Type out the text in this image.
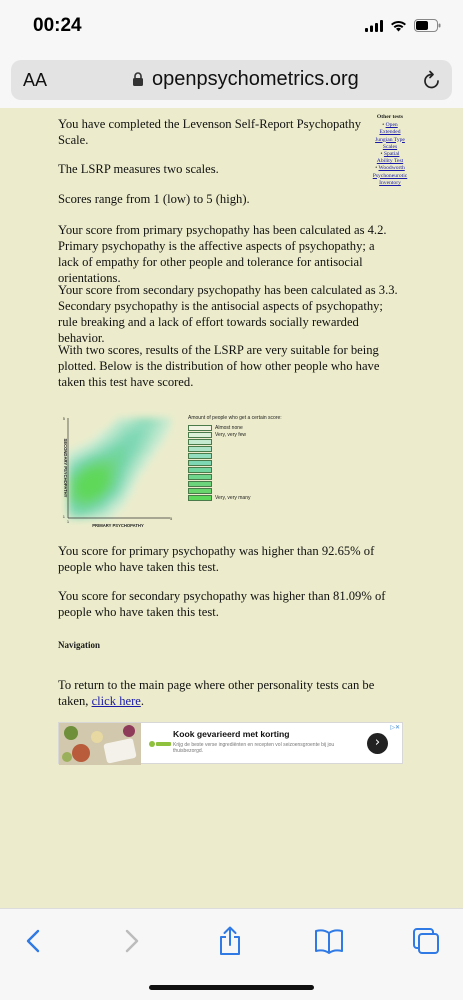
00:24
AA	openpsychometrics.org
Other tests
• Open
Extended
Jungian Type
Scales
• Spatial
Ability Test
• Woodworth
Psychoneurotic
Inventory
You have completed the Levenson Self-Report Psychopathy Scale.
The LSRP measures two scales.
Scores range from 1 (low) to 5 (high).
Your score from primary psychopathy has been calculated as 4.2. Primary psychopathy is the affective aspects of psychopathy; a lack of empathy for other people and tolerance for antisocial orientations.
Your score from secondary psychopathy has been calculated as 3.3. Secondary psychopathy is the antisocial aspects of psychopathy; rule breaking and a lack of effort towards socially rewarded behavior.
With two scores, results of the LSRP are very suitable for being plotted. Below is the distribution of how other people who have taken this test have scored.
5
1
1
5
PRIMARY PSYCHOPATHY
SECONDARY PSYCHOPATHY
Amount of people who get a certain score:
Almost none
Very, very few
Very, very many
You score for primary psychopathy was higher than 92.65% of people who have taken this test.
You score for secondary psychopathy was higher than 81.09% of people who have taken this test.
Navigation
To return to the main page where other personality tests can be taken, click here.
Kook gevarieerd met korting
Krijg de beste verse ingrediënten en recepten vol seizoensgroente bij jou thuisbezorgd.
›
▷✕
